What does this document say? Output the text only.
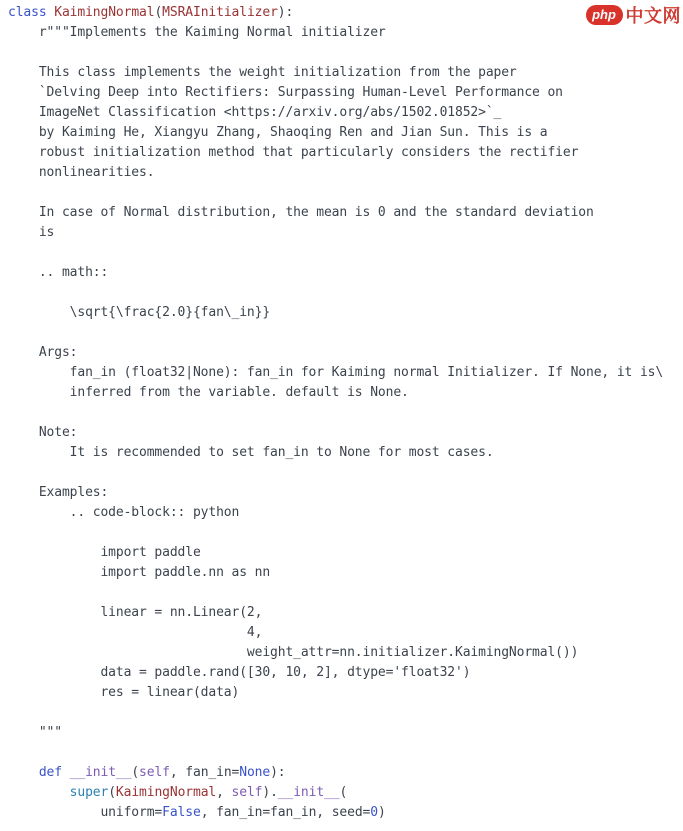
class KaimingNormal(MSRAInitializer):
r"""Implements the Kaiming Normal initializer

This class implements the weight initialization from the paper
`Delving Deep into Rectifiers: Surpassing Human-Level Performance on
ImageNet Classification <https://arxiv.org/abs/1502.01852>`_
by Kaiming He, Xiangyu Zhang, Shaoqing Ren and Jian Sun. This is a
robust initialization method that particularly considers the rectifier
nonlinearities.

In case of Normal distribution, the mean is 0 and the standard deviation
is

.. math::

\sqrt{\frac{2.0}{fan\_in}}

Args:
fan_in (float32|None): fan_in for Kaiming normal Initializer. If None, it is\
inferred from the variable. default is None.

Note:
It is recommended to set fan_in to None for most cases.

Examples:
.. code-block:: python

import paddle
import paddle.nn as nn

linear = nn.Linear(2,
4,
weight_attr=nn.initializer.KaimingNormal())
data = paddle.rand([30, 10, 2], dtype='float32')
res = linear(data)

"""

def __init__(self, fan_in=None):
super(KaimingNormal, self).__init__(
uniform=False, fan_in=fan_in, seed=0)
php 中文网
